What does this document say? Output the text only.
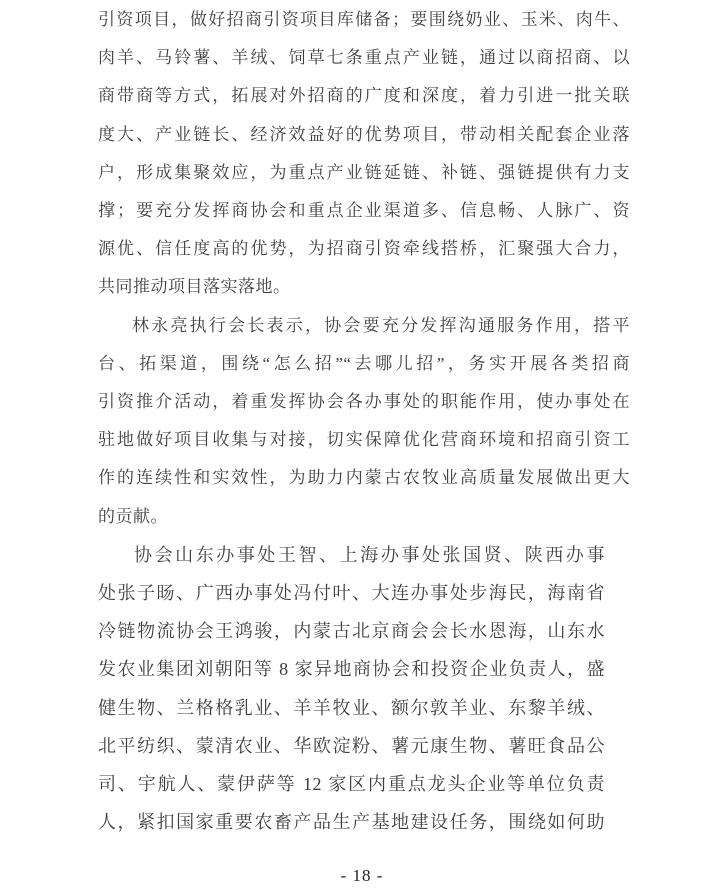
引资项目，做好招商引资项目库储备；要围绕奶业、玉米、肉牛、
肉羊、马铃薯、羊绒、饲草七条重点产业链，通过以商招商、以
商带商等方式，拓展对外招商的广度和深度，着力引进一批关联
度大、产业链长、经济效益好的优势项目，带动相关配套企业落
户，形成集聚效应，为重点产业链延链、补链、强链提供有力支
撑；要充分发挥商协会和重点企业渠道多、信息畅、人脉广、资
源优、信任度高的优势，为招商引资牵线搭桥，汇聚强大合力，
共同推动项目落实落地。
林永亮执行会长表示，协会要充分发挥沟通服务作用，搭平
台、拓渠道，围绕“怎么招”“去哪儿招”，务实开展各类招商
引资推介活动，着重发挥协会各办事处的职能作用，使办事处在
驻地做好项目收集与对接，切实保障优化营商环境和招商引资工
作的连续性和实效性，为助力内蒙古农牧业高质量发展做出更大
的贡献。
协会山东办事处王智、上海办事处张国贤、陕西办事
处张子旸、广西办事处冯付叶、大连办事处步海民，海南省
冷链物流协会王鸿骏，内蒙古北京商会会长水恩海，山东水
发农业集团刘朝阳等 8 家异地商协会和投资企业负责人，盛
健生物、兰格格乳业、羊羊牧业、额尔敦羊业、东黎羊绒、
北平纺织、蒙清农业、华欧淀粉、薯元康生物、薯旺食品公
司、宇航人、蒙伊萨等 12 家区内重点龙头企业等单位负责
人，紧扣国家重要农畜产品生产基地建设任务，围绕如何助
- 18 -
